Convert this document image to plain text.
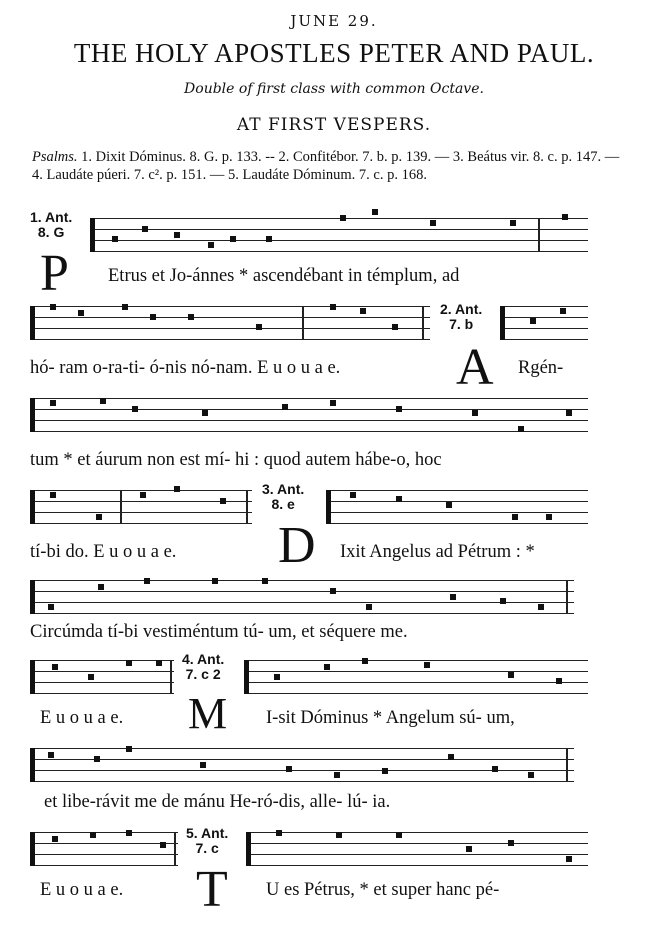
JUNE 29.
THE HOLY APOSTLES PETER AND PAUL.
Double of first class with common Octave.
AT FIRST VESPERS.
Psalms. 1. Dixit Dóminus. 8. G. p. 133. -- 2. Confitébor. 7. b. p. 139. — 3. Beátus vir. 8. c. p. 147. — 4. Laudáte púeri. 7. c². p. 151. — 5. Laudáte Dóminum. 7. c. p. 168.
1. Ant.
8. G
P Etrus et Jo-ánnes * ascendébant in témplum, ad
2. Ant.
7. b
hó- ram o-ra-ti- ó-nis nó-nam. E u o u a e. A Rgén-
tum * et áurum non est mí- hi : quod autem hábe-o, hoc
3. Ant.
8. e
tí-bi do. E u o u a e. D Ixit Angelus ad Pétrum : *
Circúmda tí-bi vestiméntum tú- um, et séquere me.
4. Ant.
7. c 2
E u o u a e. M I-sit Dóminus * Angelum sú- um,
et libe-rávit me de mánu He-ró-dis, alle- lú- ia.
5. Ant.
7. c
E u o u a e. T U es Pétrus, * et super hanc pé-
